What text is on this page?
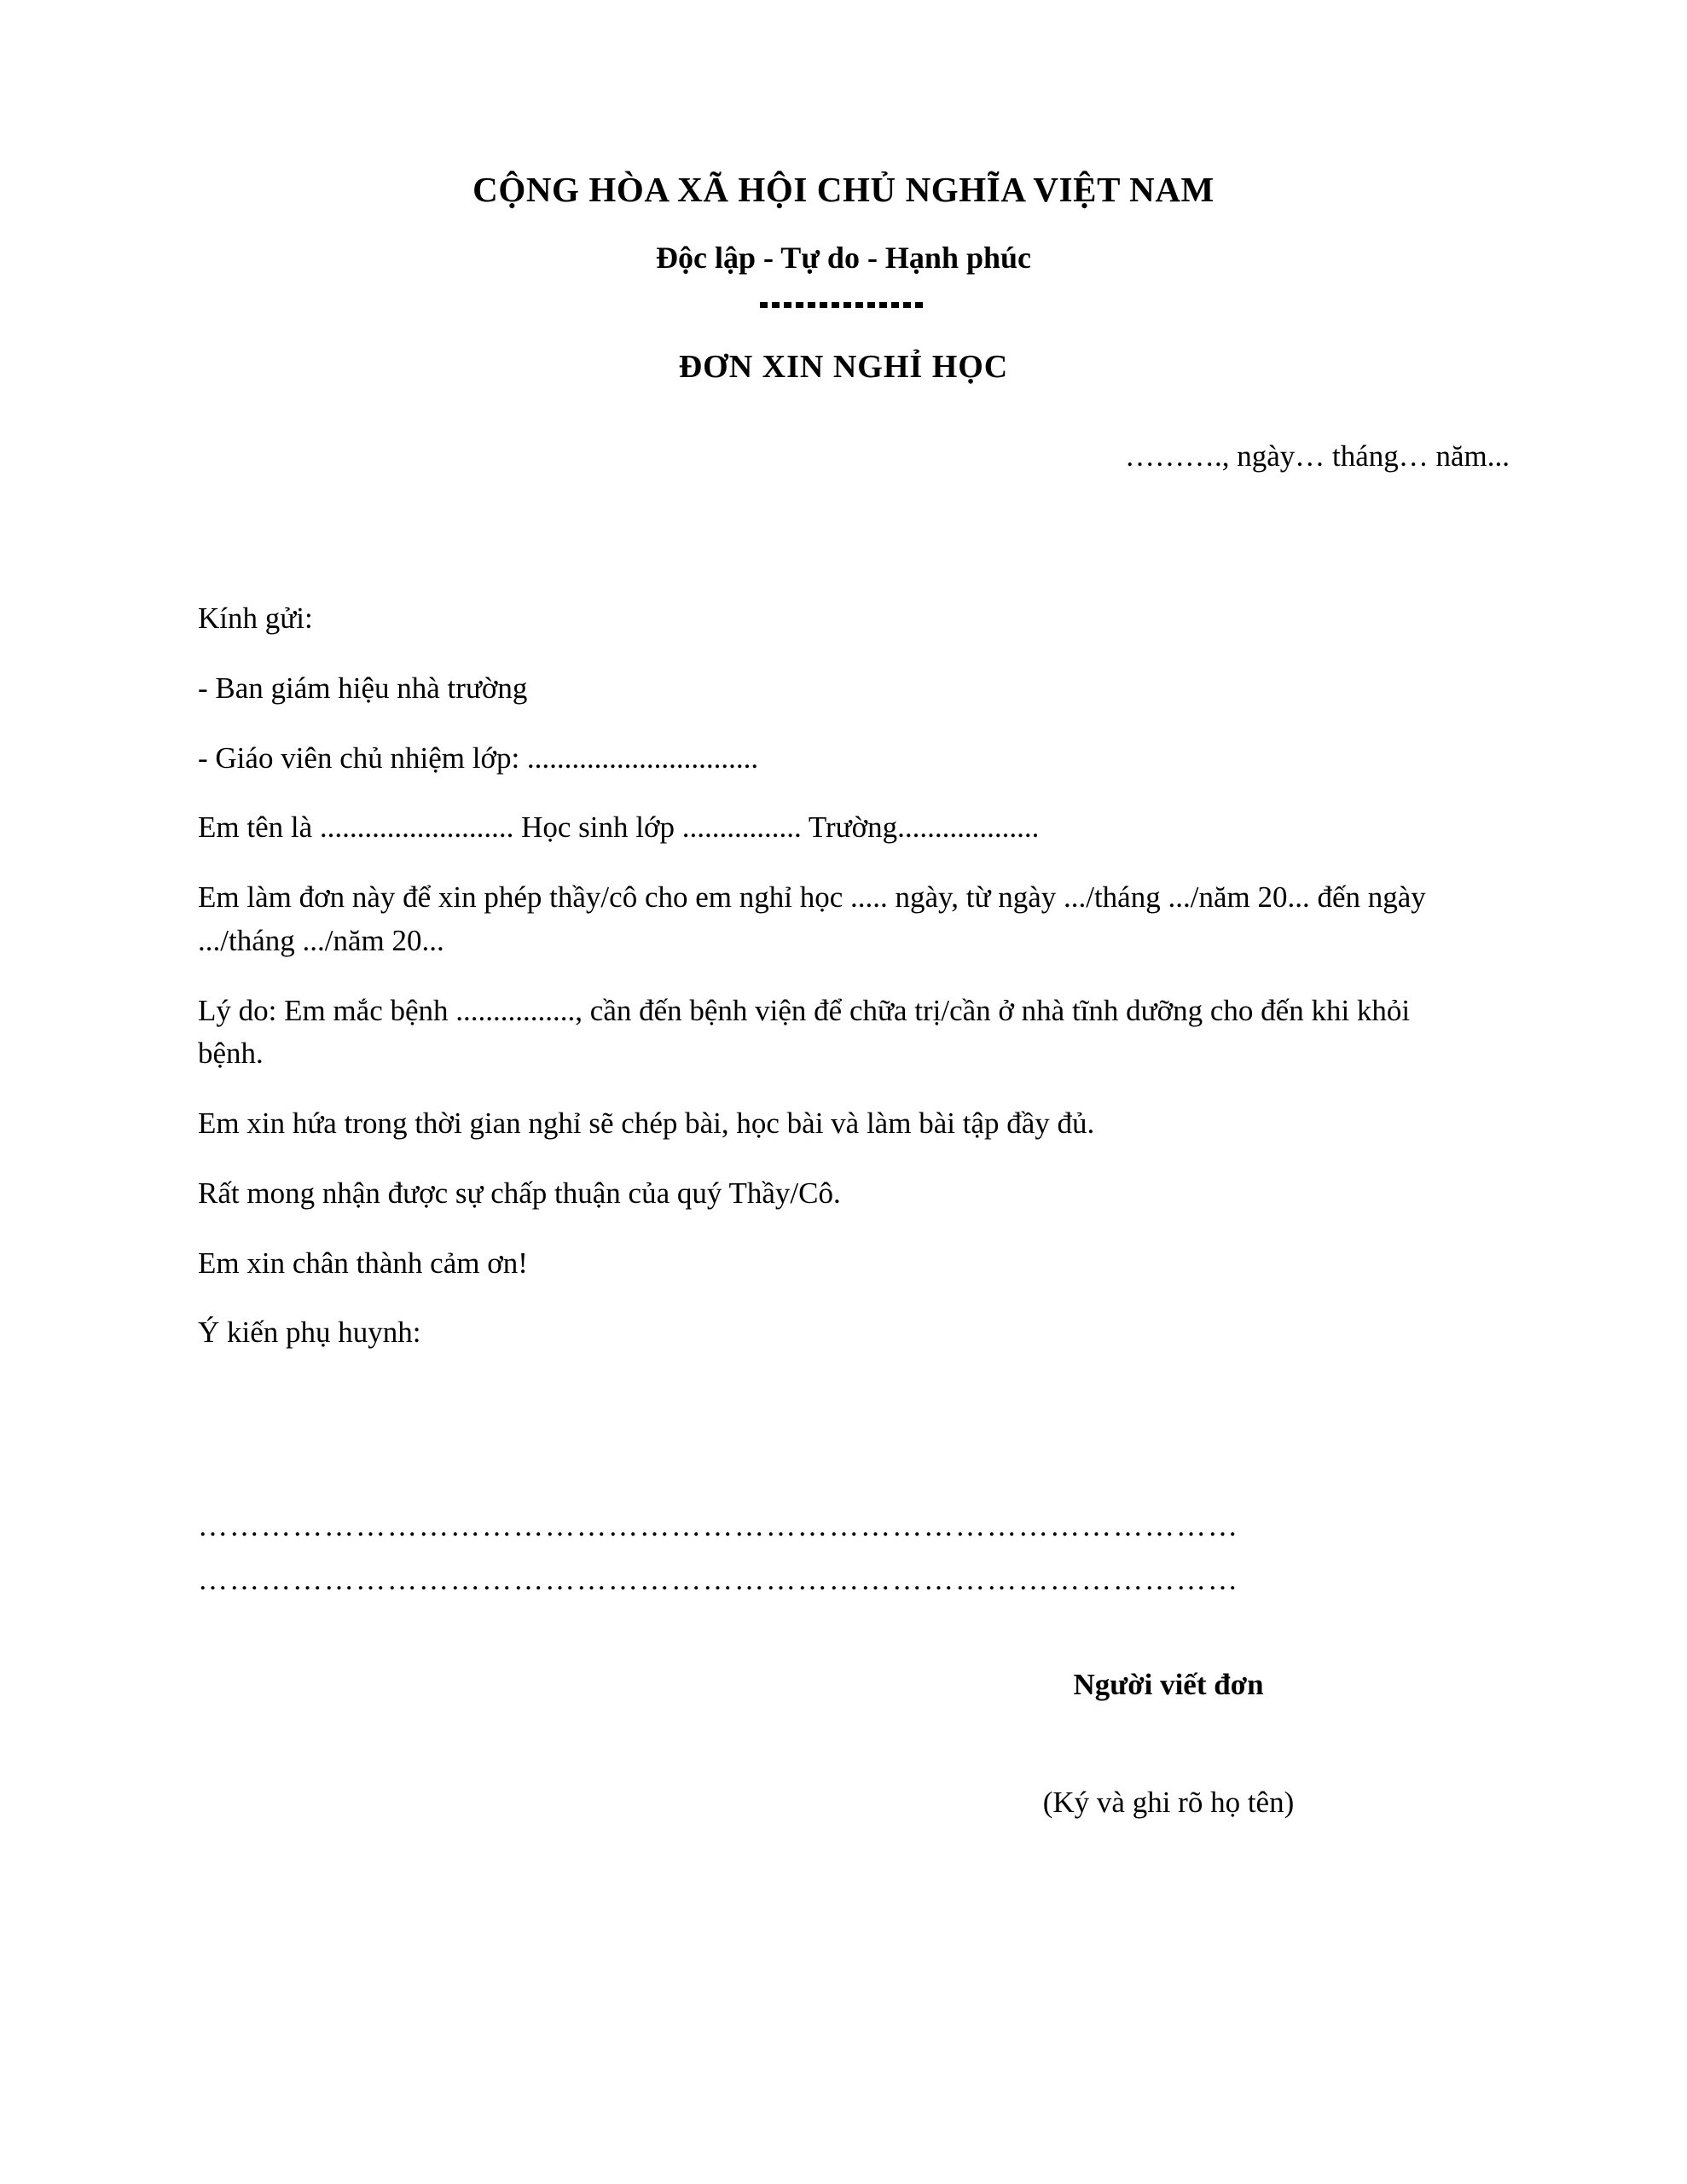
CỘNG HÒA XÃ HỘI CHỦ NGHĨA VIỆT NAM
Độc lập - Tự do - Hạnh phúc
ĐƠN XIN NGHỈ HỌC
………., ngày… tháng… năm...

Kính gửi:

- Ban giám hiệu nhà trường

- Giáo viên chủ nhiệm lớp: ...............................

Em tên là .......................... Học sinh lớp ................ Trường...................

Em làm đơn này để xin phép thầy/cô cho em nghỉ học ..... ngày, từ ngày .../tháng .../năm 20... đến ngày .../tháng .../năm 20...

Lý do: Em mắc bệnh ................, cần đến bệnh viện để chữa trị/cần ở nhà tĩnh dưỡng cho đến khi khỏi bệnh.

Em xin hứa trong thời gian nghỉ sẽ chép bài, học bài và làm bài tập đầy đủ.

Rất mong nhận được sự chấp thuận của quý Thầy/Cô.

Em xin chân thành cảm ơn!

Ý kiến phụ huynh:

………………………………………………………………………………………
………………………………………………………………………………………
Người viết đơn
(Ký và ghi rõ họ tên)
